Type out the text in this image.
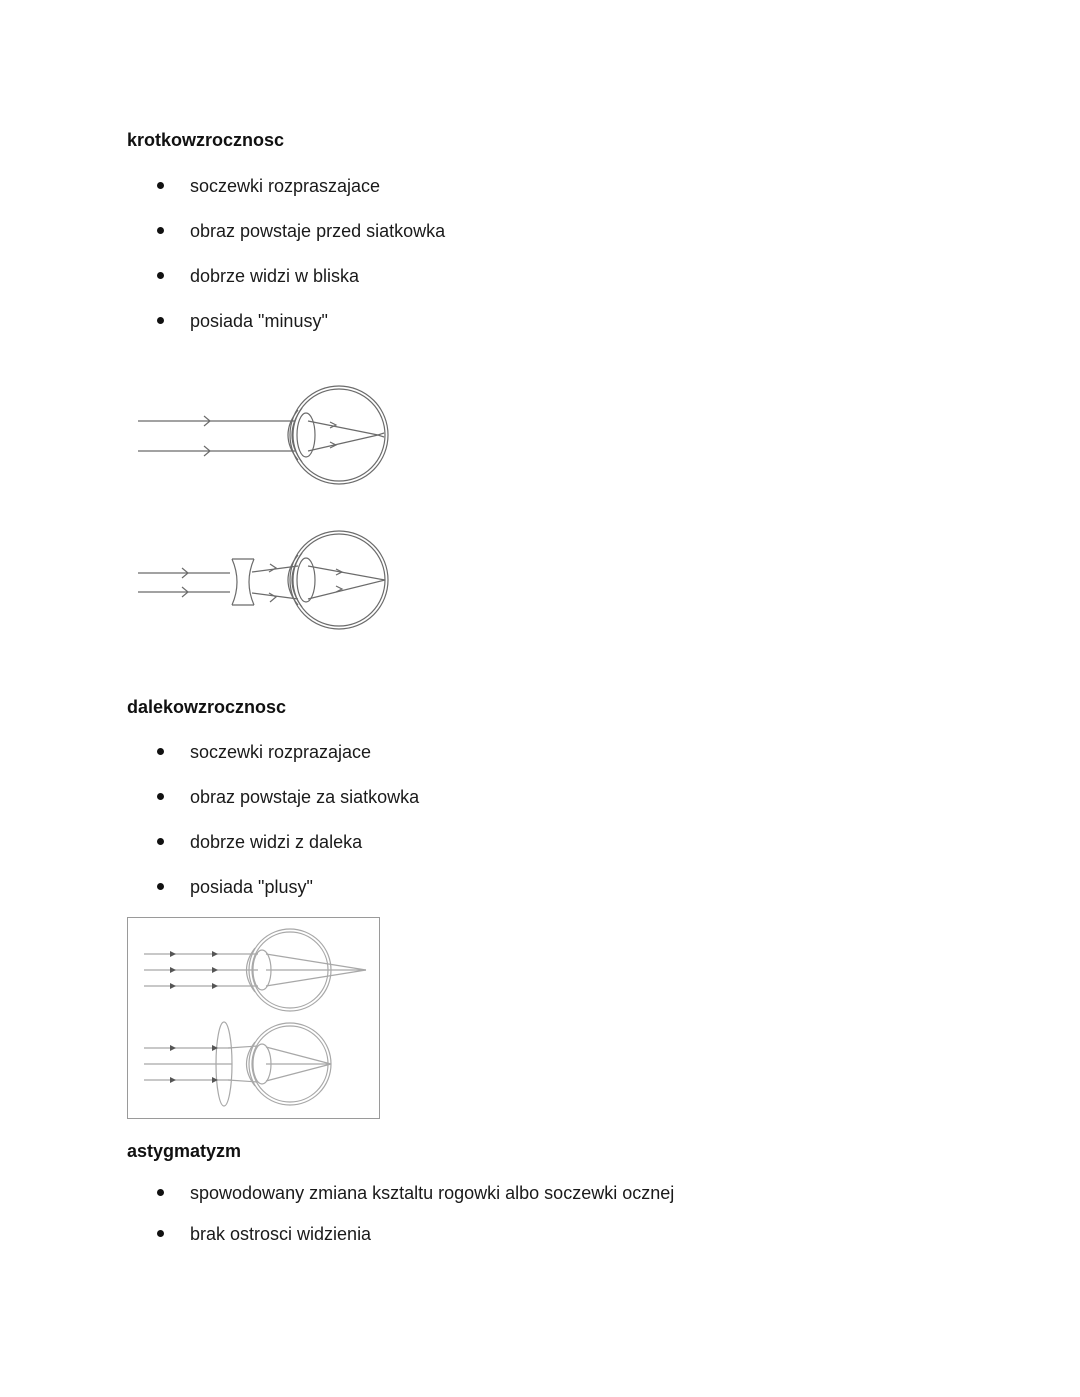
krotkowzrocznosc
soczewki rozpraszajace
obraz powstaje przed siatkowka
dobrze widzi w bliska
posiada "minusy"
dalekowzrocznosc
soczewki rozprazajace
obraz powstaje za siatkowka
dobrze widzi z daleka
posiada "plusy"
astygmatyzm
spowodowany zmiana ksztaltu rogowki albo soczewki ocznej
brak ostrosci widzienia
